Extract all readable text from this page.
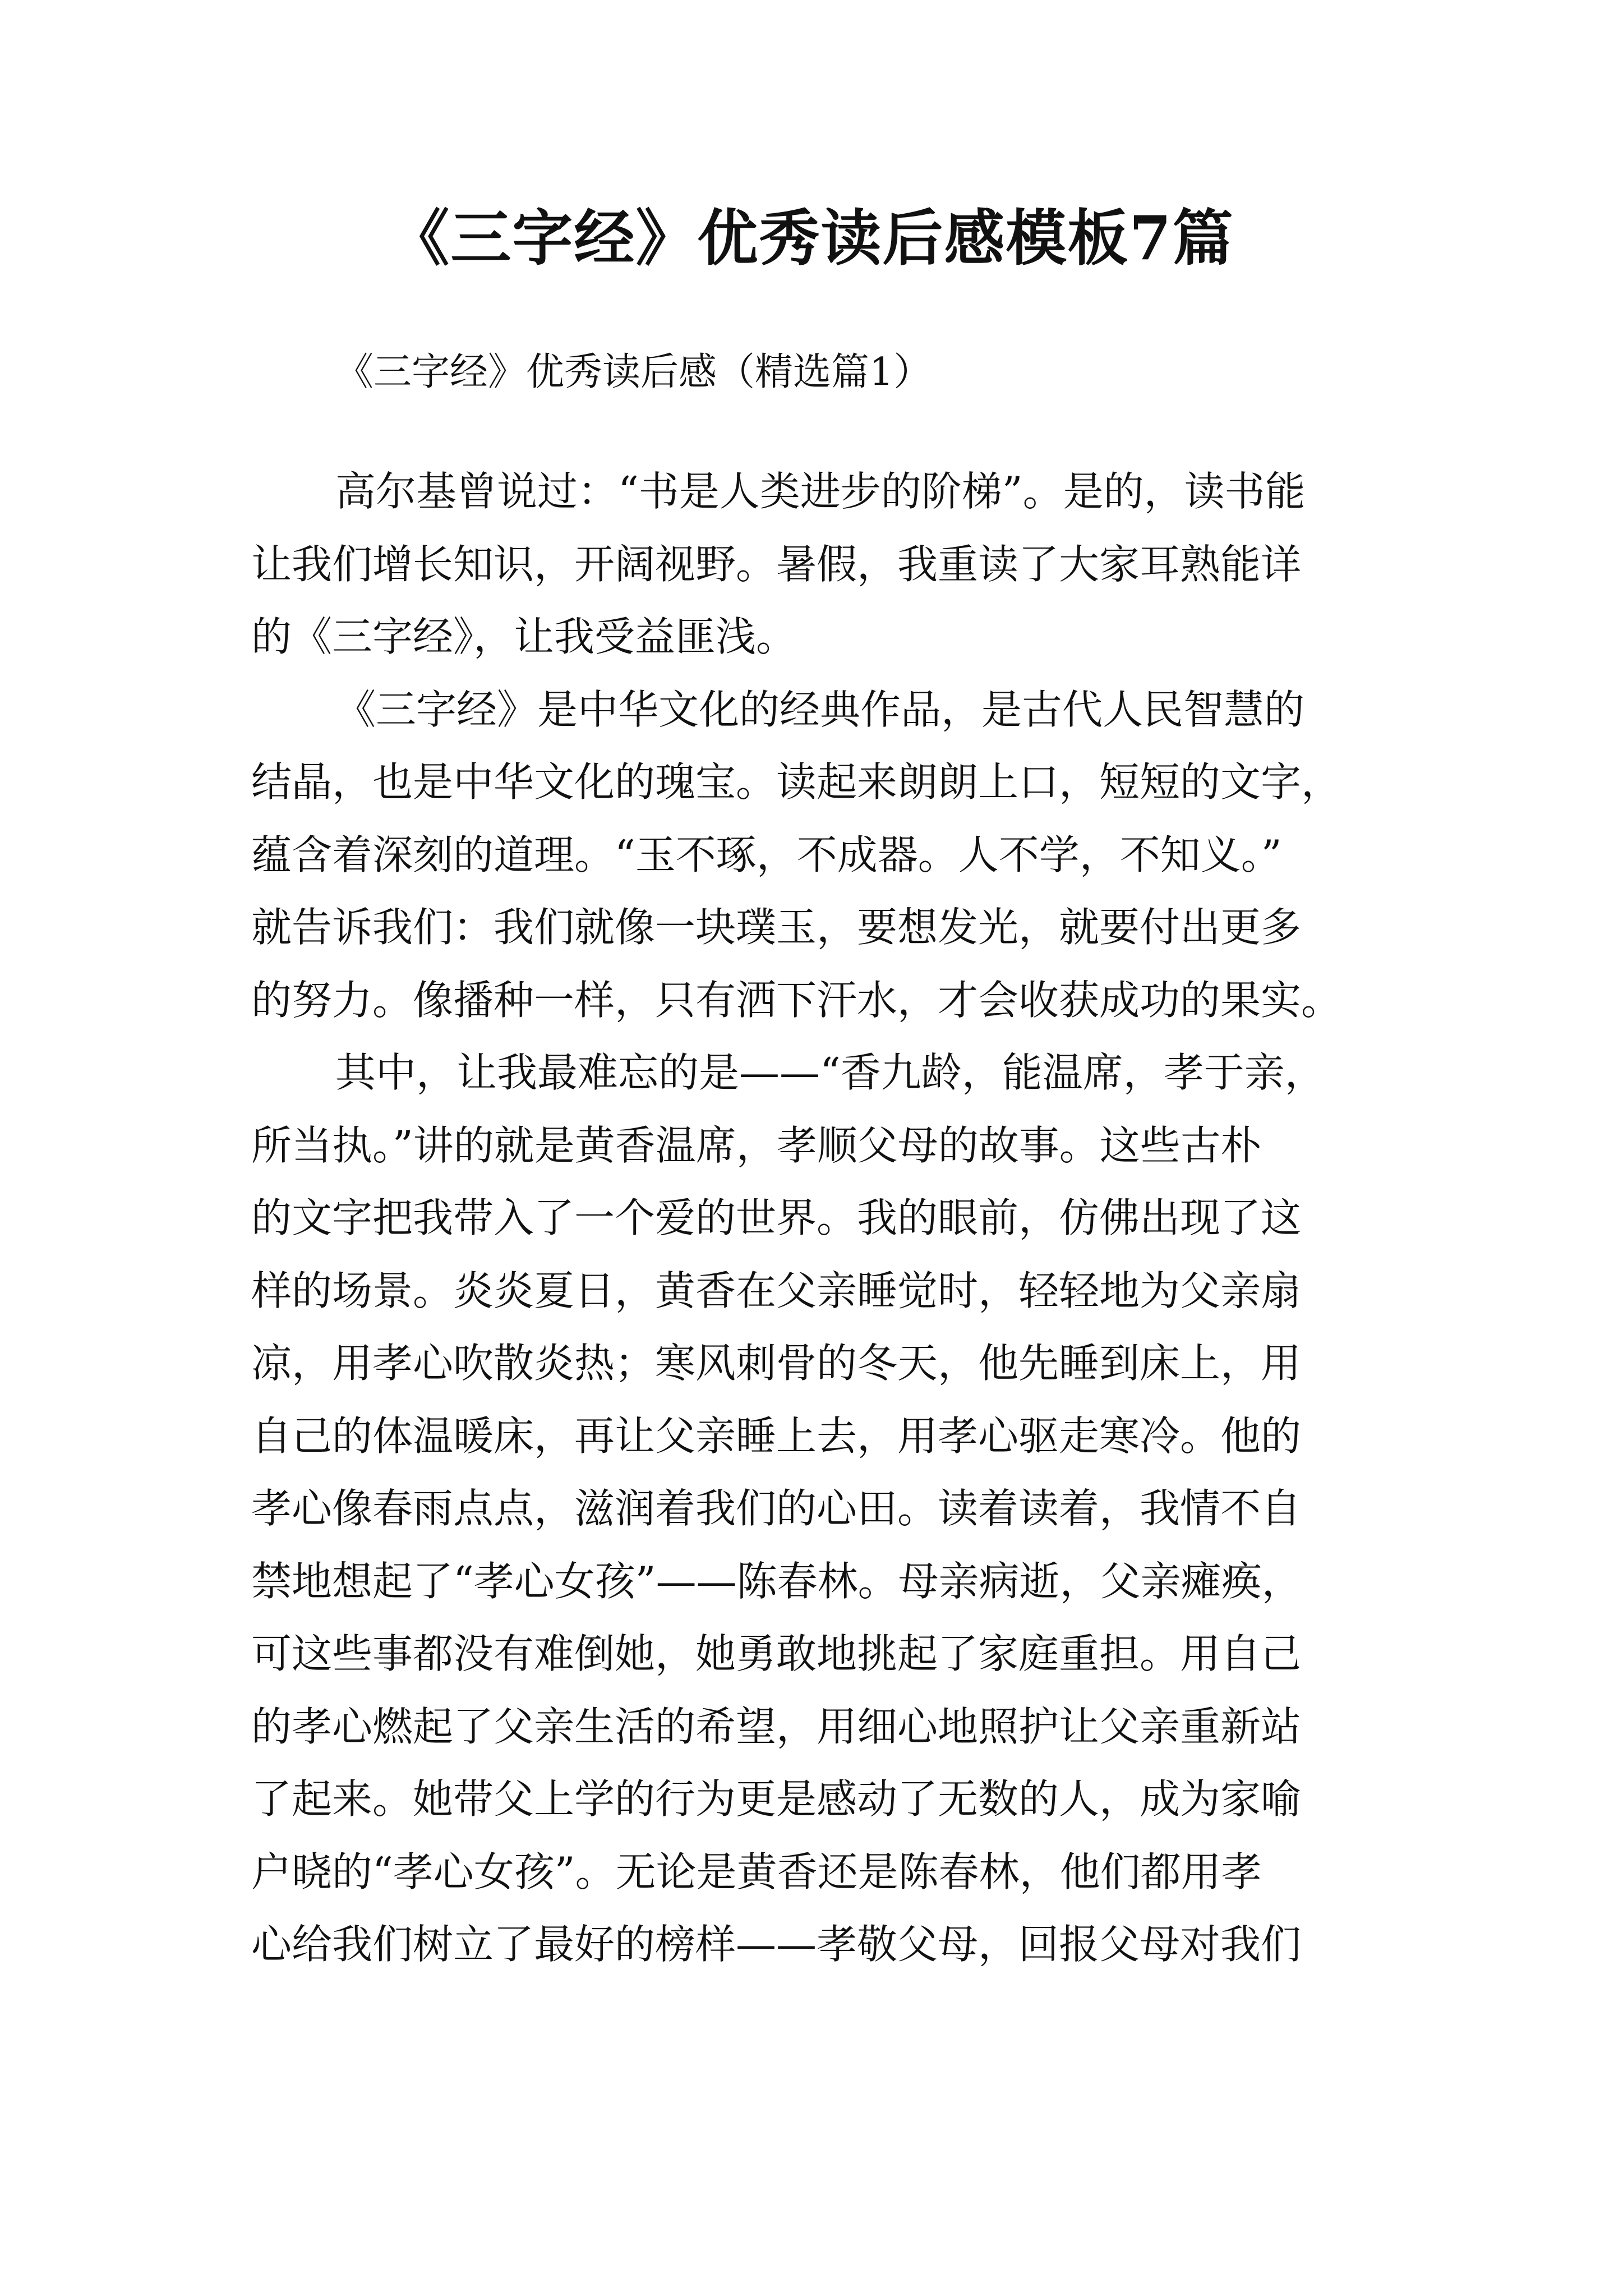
《三字经》优秀读后感模板7篇
《三字经》优秀读后感（精选篇1）
高尔基曾说过：“书是人类进步的阶梯”。是的，读书能
让我们增长知识，开阔视野。暑假，我重读了大家耳熟能详
的《三字经》，让我受益匪浅。
《三字经》是中华文化的经典作品，是古代人民智慧的
结晶，也是中华文化的瑰宝。读起来朗朗上口，短短的文字，
蕴含着深刻的道理。“玉不琢，不成器。人不学，不知义。”
就告诉我们：我们就像一块璞玉，要想发光，就要付出更多
的努力。像播种一样，只有洒下汗水，才会收获成功的果实。
其中，让我最难忘的是——“香九龄，能温席，孝于亲，
所当执。”讲的就是黄香温席，孝顺父母的故事。这些古朴
的文字把我带入了一个爱的世界。我的眼前，仿佛出现了这
样的场景。炎炎夏日，黄香在父亲睡觉时，轻轻地为父亲扇
凉，用孝心吹散炎热；寒风刺骨的冬天，他先睡到床上，用
自己的体温暖床，再让父亲睡上去，用孝心驱走寒冷。他的
孝心像春雨点点，滋润着我们的心田。读着读着，我情不自
禁地想起了“孝心女孩”——陈春林。母亲病逝，父亲瘫痪，
可这些事都没有难倒她，她勇敢地挑起了家庭重担。用自己
的孝心燃起了父亲生活的希望，用细心地照护让父亲重新站
了起来。她带父上学的行为更是感动了无数的人，成为家喻
户晓的“孝心女孩”。无论是黄香还是陈春林，他们都用孝
心给我们树立了最好的榜样——孝敬父母，回报父母对我们
